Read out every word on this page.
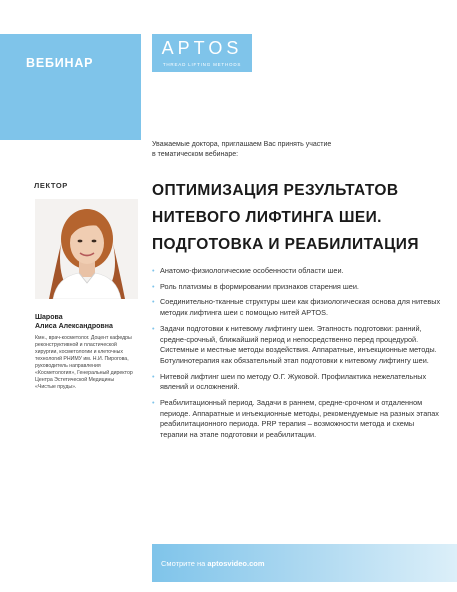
ВЕБИНАР
16 апреля 2018 г
11:00 ч по МСК
APTOS
THREAD LIFTING METHODS
Уважаемые доктора, приглашаем Вас принять участие
в тематическом вебинаре:
ЛЕКТОР
Шарова
Алиса Александровна
Кмн., врач-косметолог. Доцент кафедры реконструктивной и пластической хирургии, косметологии и клеточных технологий РНИМУ им. Н.И. Пирогова, руководитель направления «Косметология», Генеральный директор Центра Эстетической Медицины «Чистые пруды».
ОПТИМИЗАЦИЯ РЕЗУЛЬТАТОВ
НИТЕВОГО ЛИФТИНГА ШЕИ.
ПОДГОТОВКА И РЕАБИЛИТАЦИЯ
• Анатомо-физиологические особенности области шеи.
• Роль платизмы в формировании признаков старения шеи.
• Соединительно-тканные структуры шеи как физиологическая основа для нитевых методик лифтинга шеи с помощью нитей APTOS.
• Задачи подготовки к нитевому лифтингу шеи. Этапность подготовки: ранний, средне-срочный, ближайший период и непосредственно перед процедурой. Системные и местные методы воздействия. Аппаратные, инъекционные методы. Ботулинотерапия как обязательный этап подготовки к нитевому лифтингу шеи.
• Нитевой лифтинг шеи по методу О.Г. Жуковой. Профилактика нежелательных явлений и осложнений.
• Реабилитационный период. Задачи в раннем, средне-срочном и отдаленном периоде. Аппаратные и инъекционные методы, рекомендуемые на разных этапах реабилитационного периода. PRP терапия – возможности метода и схемы терапии на этапе подготовки и реабилитации.
Смотрите на aptosvideo.com
